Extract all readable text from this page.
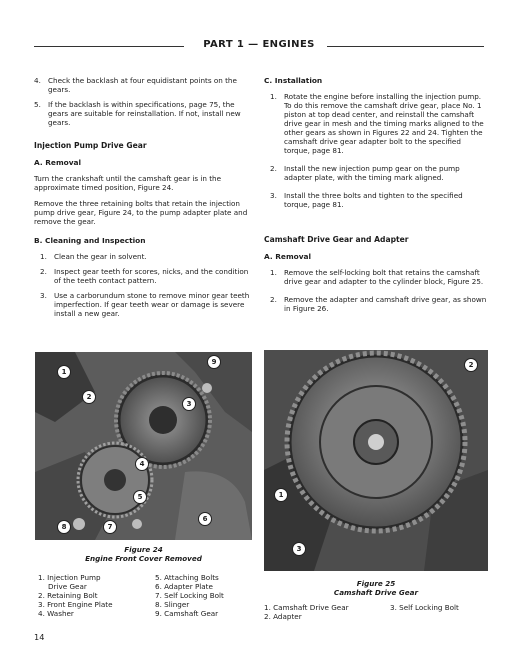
PART 1 — ENGINES
4. Check the backlash at four equidistant points on the gears.
5. If the backlash is within specifications, page 75, the gears are suitable for reinstallation. If not, install new gears.
Injection Pump Drive Gear
A. Removal

Turn the crankshaft until the camshaft gear is in the approximate timed position, Figure 24.

Remove the three retaining bolts that retain the injection pump drive gear, Figure 24, to the pump adapter plate and remove the gear.

B. Cleaning and Inspection
1. Clean the gear in solvent.
2. Inspect gear teeth for scores, nicks, and the condition of the teeth contact pattern.
3. Use a carborundum stone to remove minor gear teeth imperfection. If gear teeth wear or damage is severe install a new gear.
C. Installation
1. Rotate the engine before installing the injection pump. To do this remove the camshaft drive gear, place No. 1 piston at top dead center, and reinstall the camshaft drive gear in mesh and the timing marks aligned to the other gears as shown in Figures 22 and 24. Tighten the camshaft drive gear adapter bolt to the specified torque, page 81.
2. Install the new injection pump gear on the pump adapter plate, with the timing mark aligned.
3. Install the three bolts and tighten to the specified torque, page 81.
Camshaft Drive Gear and Adapter
A. Removal
1. Remove the self-locking bolt that retains the camshaft drive gear and adapter to the cylinder block, Figure 25.
2. Remove the adapter and camshaft drive gear, as shown in Figure 26.
9
1
2
3
4
5
6
7
8
Figure 24
Engine Front Cover Removed
1. Injection Pump
Drive Gear
2. Retaining Bolt
3. Front Engine Plate
4. Washer
5. Attaching Bolts
6. Adapter Plate
7. Self Locking Bolt
8. Slinger
9. Camshaft Gear
2
1
3
Figure 25
Camshaft Drive Gear
1. Camshaft Drive Gear
2. Adapter
3. Self Locking Bolt
14
